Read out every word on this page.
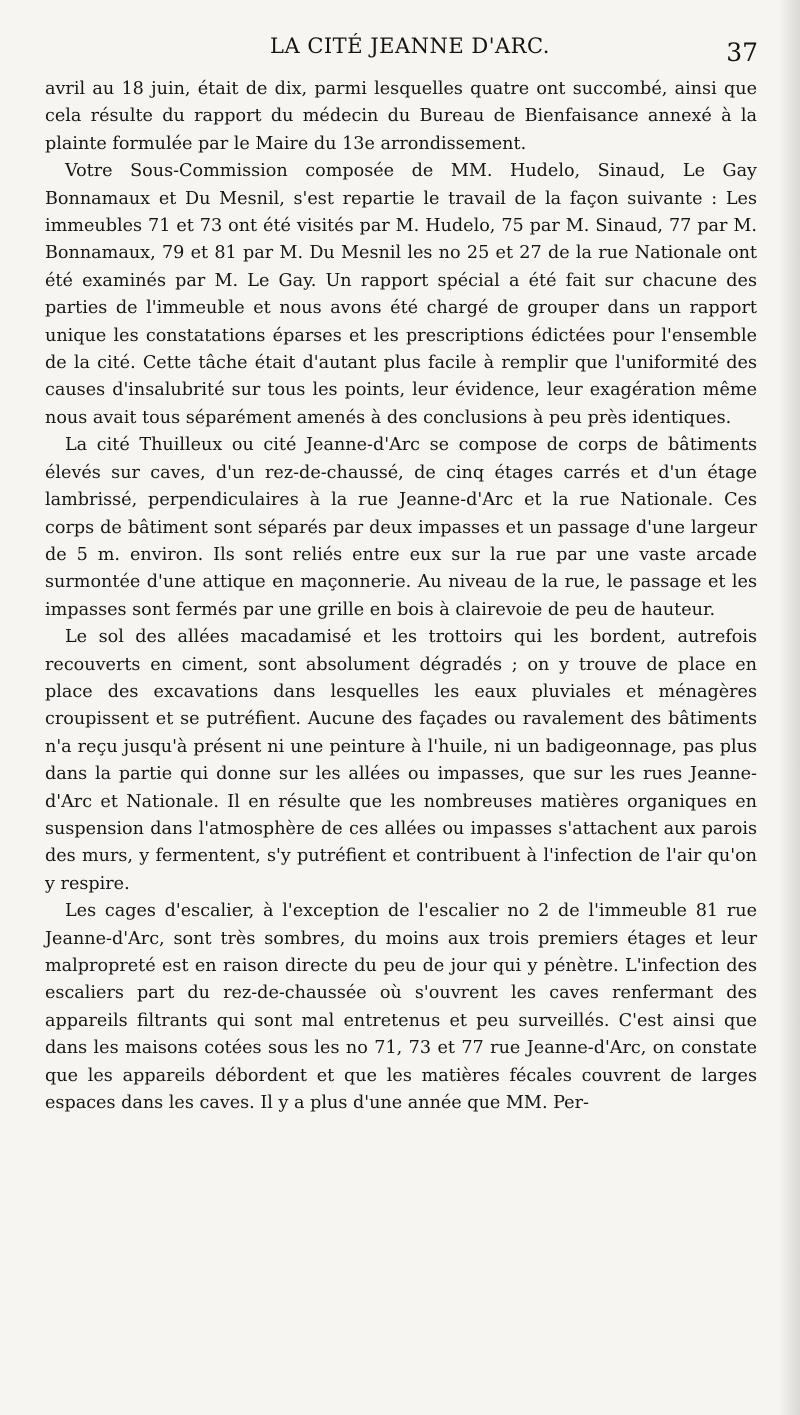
LA CITÉ JEANNE D'ARC.	37

avril au 18 juin, était de dix, parmi lesquelles quatre ont succombé, ainsi que cela résulte du rapport du médecin du Bureau de Bienfaisance annexé à la plainte formulée par le Maire du 13e arrondissement.

Votre Sous-Commission composée de MM. Hudelo, Sinaud, Le Gay Bonnamaux et Du Mesnil, s'est repartie le travail de la façon suivante : Les immeubles 71 et 73 ont été visités par M. Hudelo, 75 par M. Sinaud, 77 par M. Bonnamaux, 79 et 81 par M. Du Mesnil les no 25 et 27 de la rue Nationale ont été examinés par M. Le Gay. Un rapport spécial a été fait sur chacune des parties de l'immeuble et nous avons été chargé de grouper dans un rapport unique les constatations éparses et les prescriptions édictées pour l'ensemble de la cité. Cette tâche était d'autant plus facile à remplir que l'uniformité des causes d'insalubrité sur tous les points, leur évidence, leur exagération même nous avait tous séparément amenés à des conclusions à peu près identiques.

La cité Thuilleux ou cité Jeanne-d'Arc se compose de corps de bâtiments élevés sur caves, d'un rez-de-chaussé, de cinq étages carrés et d'un étage lambrissé, perpendiculaires à la rue Jeanne-d'Arc et la rue Nationale. Ces corps de bâtiment sont séparés par deux impasses et un passage d'une largeur de 5 m. environ. Ils sont reliés entre eux sur la rue par une vaste arcade surmontée d'une attique en maçonnerie. Au niveau de la rue, le passage et les impasses sont fermés par une grille en bois à clairevoie de peu de hauteur.

Le sol des allées macadamisé et les trottoirs qui les bordent, autrefois recouverts en ciment, sont absolument dégradés ; on y trouve de place en place des excavations dans lesquelles les eaux pluviales et ménagères croupissent et se putréfient. Aucune des façades ou ravalement des bâtiments n'a reçu jusqu'à présent ni une peinture à l'huile, ni un badigeonnage, pas plus dans la partie qui donne sur les allées ou impasses, que sur les rues Jeanne-d'Arc et Nationale. Il en résulte que les nombreuses matières organiques en suspension dans l'atmosphère de ces allées ou impasses s'attachent aux parois des murs, y fermentent, s'y putréfient et contribuent à l'infection de l'air qu'on y respire.

Les cages d'escalier, à l'exception de l'escalier no 2 de l'immeuble 81 rue Jeanne-d'Arc, sont très sombres, du moins aux trois premiers étages et leur malpropreté est en raison directe du peu de jour qui y pénètre. L'infection des escaliers part du rez-de-chaussée où s'ouvrent les caves renfermant des appareils filtrants qui sont mal entretenus et peu surveillés. C'est ainsi que dans les maisons cotées sous les no 71, 73 et 77 rue Jeanne-d'Arc, on constate que les appareils débordent et que les matières fécales couvrent de larges espaces dans les caves. Il y a plus d'une année que MM. Per-
